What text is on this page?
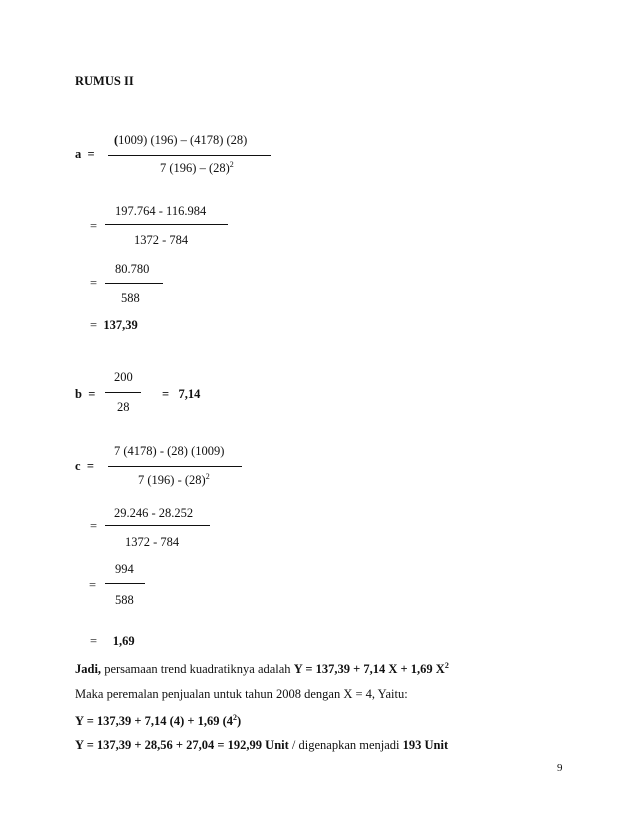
RUMUS II
a =
(1009) (196) – (4178) (28)
7 $(196) - (28)^2$
=
197.764 - 116.984
1372 - 784
=
80.780
588
= 137,39
b =
200
28
= 7,14
c =
7 (4178) - (28) (1009)
7 $(196) - (28)^2$
=
29.246 - 28.252
1372 - 784
=
994
588
= 1,69
Jadi, persamaan trend kuadratiknya adalah Y = 137,39 + 7,14 X + 1,69 $X^2$
Maka peremalan penjualan untuk tahun 2008 dengan X = 4, Yaitu:
Y = 137,39 + 7,14 (4) + 1,69 $(4^2)$
Y = 137,39 + 28,56 + 27,04 = 192,99 Unit / digenapkan menjadi 193 Unit
9
